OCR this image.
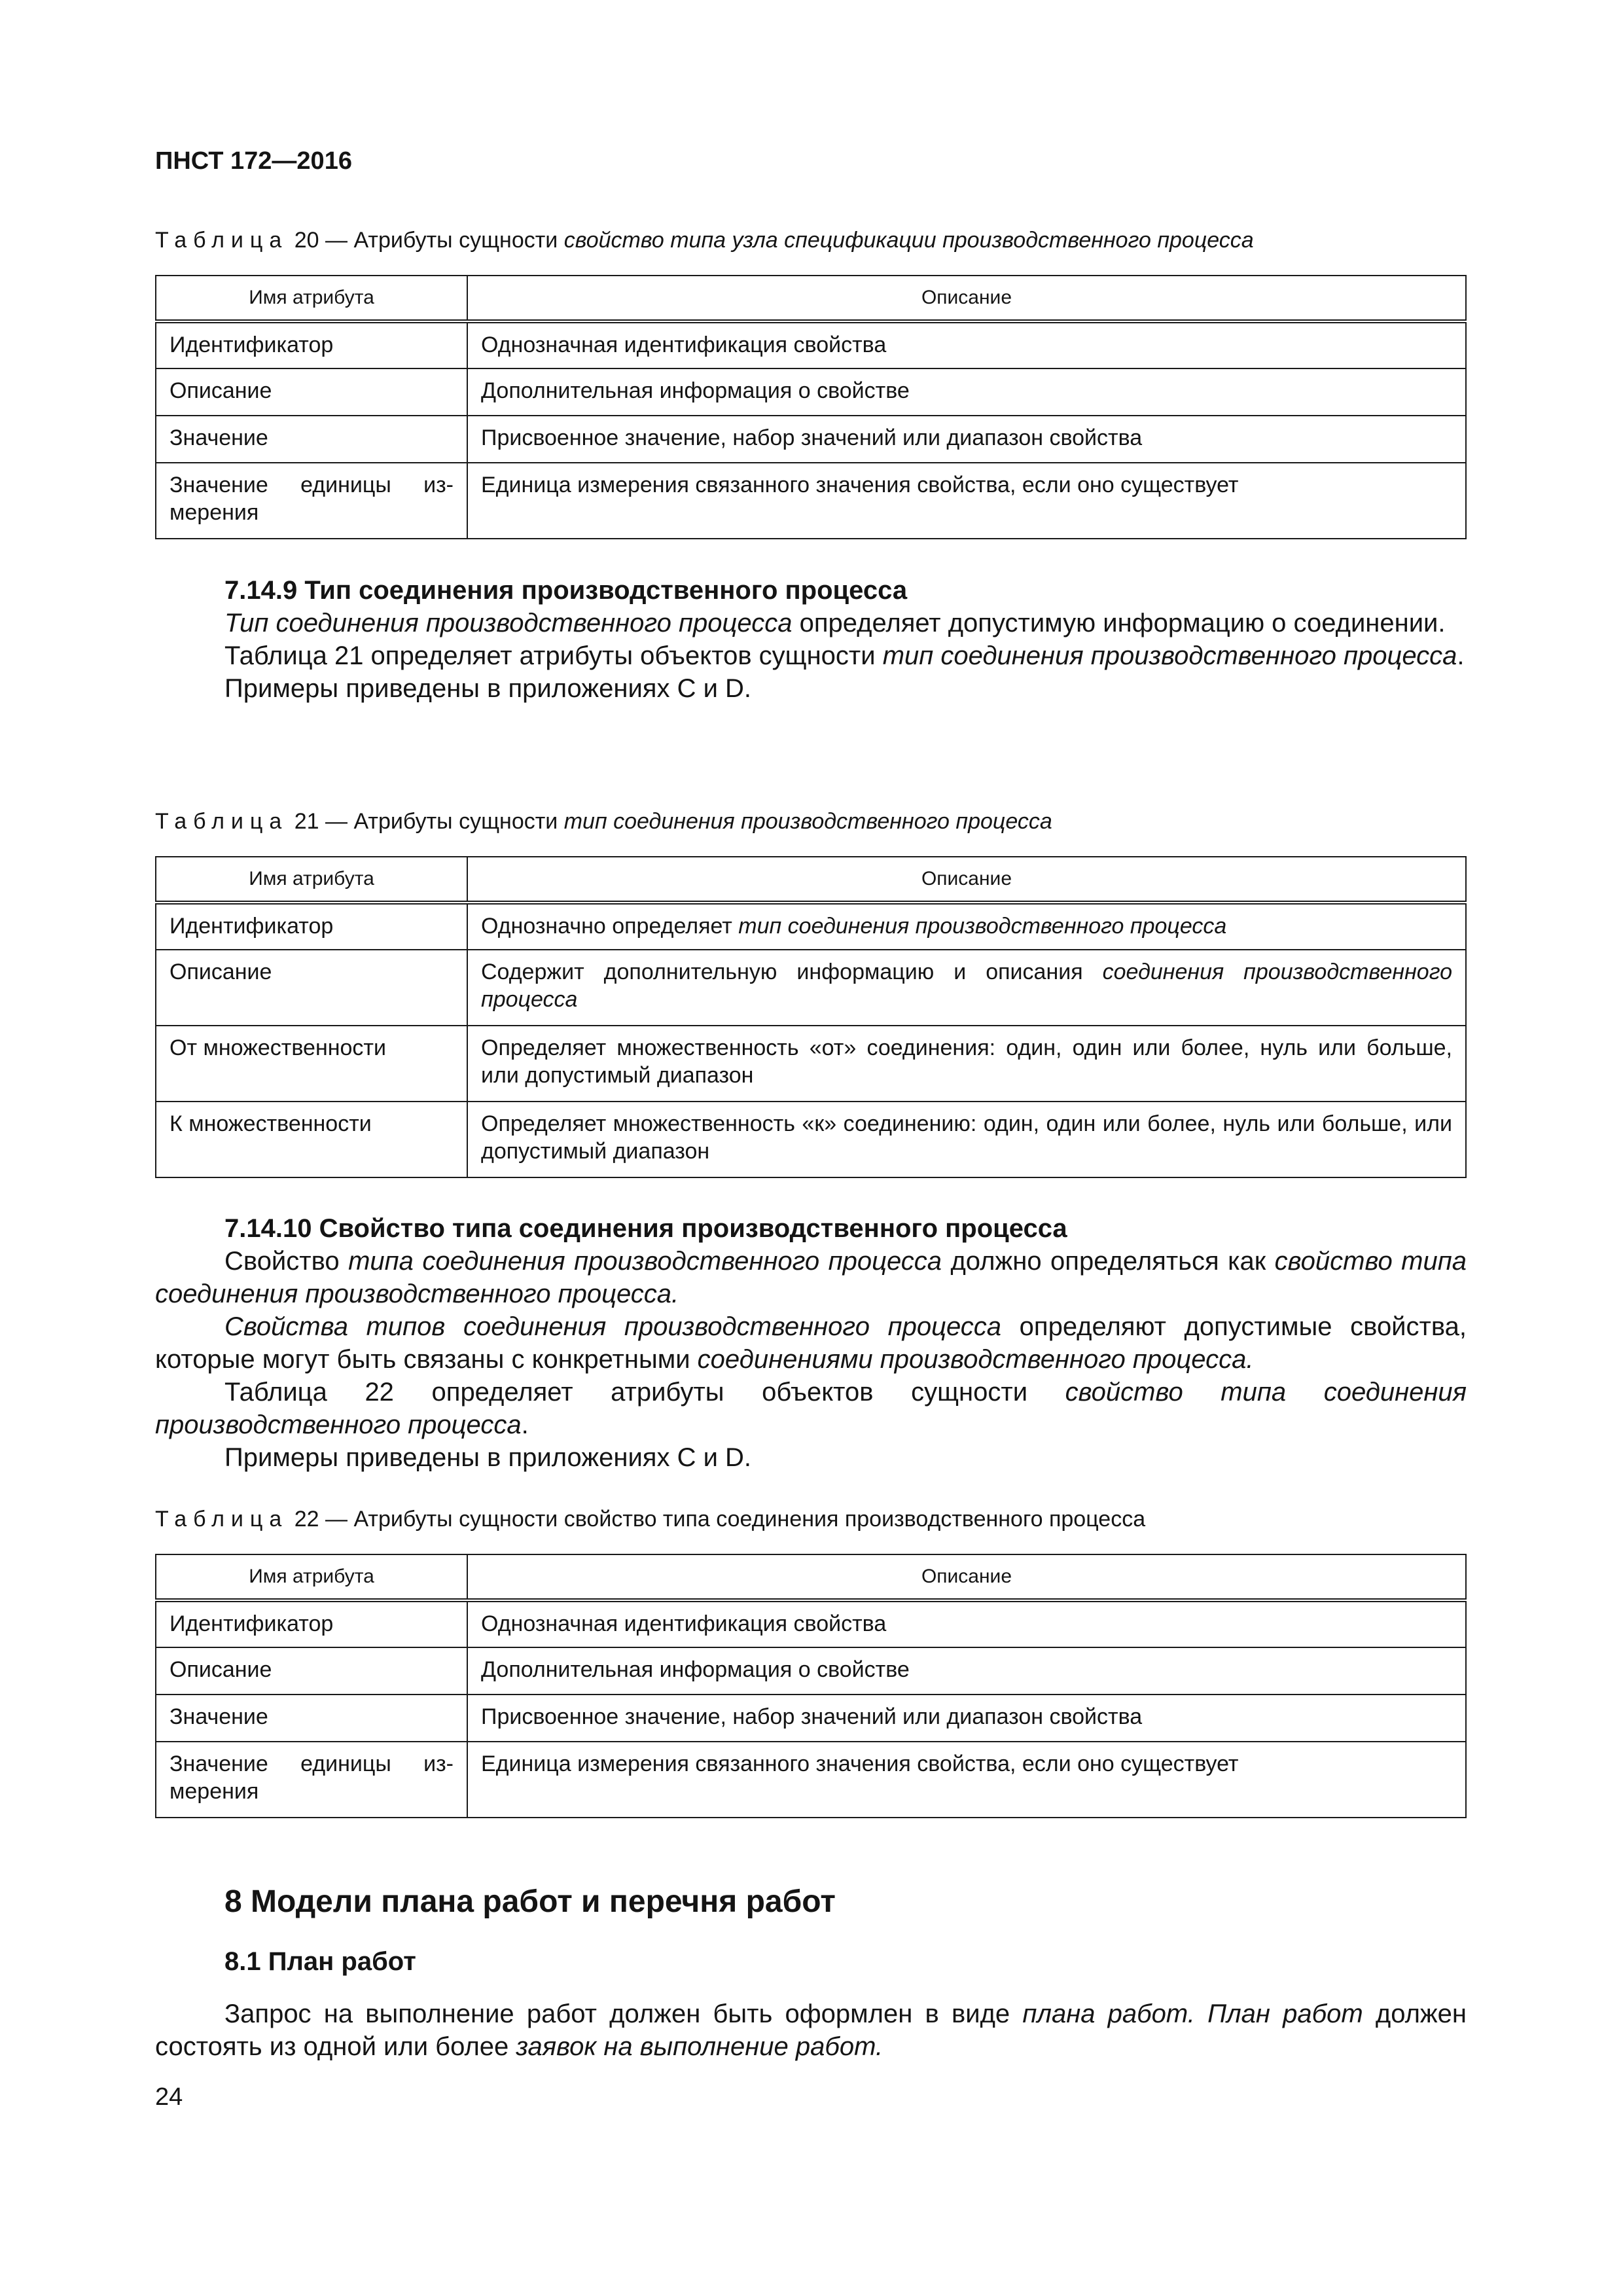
ПНСТ 172—2016
Таблица 20 — Атрибуты сущности свойство типа узла спецификации производственного процесса
Имя атрибута	Описание
Идентификатор	Однозначная идентификация свойства
Описание	Дополнительная информация о свойстве
Значение	Присвоенное значение, набор значений или диапазон свойства
Значение единицы из-мерения	Единица измерения связанного значения свойства, если оно существует

7.14.9 Тип соединения производственного процесса

Тип соединения производственного процесса определяет допустимую информацию о соединении.

Таблица 21 определяет атрибуты объектов сущности тип соединения производственного процесса.

Примеры приведены в приложениях С и D.

Таблица 21 — Атрибуты сущности тип соединения производственного процесса
Имя атрибута	Описание
Идентификатор	Однозначно определяет тип соединения производственного процесса
Описание	Содержит дополнительную информацию и описания соединения производственного процесса
От множественности	Определяет множественность «от» соединения: один, один или более, нуль или больше, или допустимый диапазон
К множественности	Определяет множественность «к» соединению: один, один или более, нуль или больше, или допустимый диапазон

7.14.10 Свойство типа соединения производственного процесса

Свойство типа соединения производственного процесса должно определяться как свойство типа соединения производственного процесса.

Свойства типов соединения производственного процесса определяют допустимые свойства, которые могут быть связаны с конкретными соединениями производственного процесса.

Таблица 22 определяет атрибуты объектов сущности свойство типа соединения производственного процесса.

Примеры приведены в приложениях С и D.

Таблица 22 — Атрибуты сущности свойство типа соединения производственного процесса
Имя атрибута	Описание
Идентификатор	Однозначная идентификация свойства
Описание	Дополнительная информация о свойстве
Значение	Присвоенное значение, набор значений или диапазон свойства
Значение единицы из-мерения	Единица измерения связанного значения свойства, если оно существует
8 Модели плана работ и перечня работ
8.1 План работ

Запрос на выполнение работ должен быть оформлен в виде плана работ. План работ должен состоять из одной или более заявок на выполнение работ.

24
